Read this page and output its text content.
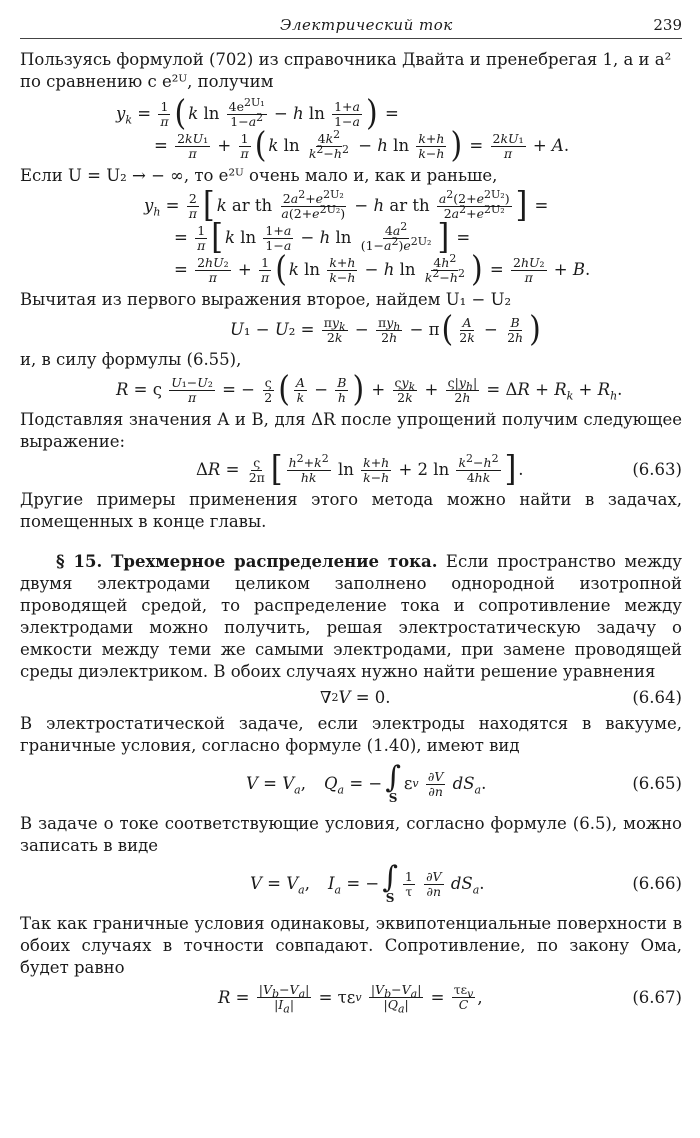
Электрический ток	239

Пользуясь формулой (702) из справочника Двайта и пренебрегая 1, a и a²

по сравнению с e²ᵁ, получим

$y_k = \frac{1}{\pi}$ ( k $\ln \frac{4e^{2U_1}}{1-a^2} - h$ $\ln \frac{1+a}{1-a}$ ) =
= $\frac{\text{2kU₁}}{\pi} + \frac{1}{\pi}$ ( k $\ln \frac{4k^2}{k^2-h^2} - h$ $\ln \frac{k+h}{k-h}$ ) = $\frac{\text{2kU₁}}{\pi} + A$ .

Если U = U₂ → − ∞, то e²ᵁ очень мало и, как и раньше,

$y_h = \frac{2}{\pi}$ [ k ar th $\frac{2a^2+e^{2U_2}}{a(2+e^{2U_2})} - h$ ar th $\frac{a^2(2+e^{2U_2})}{2a^2+e^{2U_2}}$ ] =
= $\frac{1}{\pi}$ [ k $\ln \frac{1+a}{1-a} - h$ $\ln \frac{4a^2}{(1-a^2)e^{2U_2}}$ ] =
= $\frac{\text{2hU₂}}{\pi} + \frac{1}{\pi}$ ( k $\ln \frac{k+h}{k-h} - h$ $\ln \frac{4h^2}{k^2-h^2}$ ) = $\frac{\text{2hU₂}}{\pi} + B$ .

Вычитая из первого выражения второе, найдем U₁ − U₂

U ₁ − U $_2 = \frac{\pi y_k}{2k} - \frac{\pi y_h}{2h} - \pi$ ( $\frac{A}{2k} - \frac{B}{2h}$ )

и, в силу формулы (6.55),

R = ς $\frac{\text{U₁−U₂}}{\pi}$ = − $\frac{\varsigma}{2}$ ( $\frac{A}{k} - \frac{B}{h}$ ) + $\frac{\varsigma y_k}{2k} + \frac{\varsigma|y_h|}{2h} = \Delta$ $R + R_k + R_h$ .

Подставляя значения A и B, для ΔR после упрощений получим следующее выражение:

Δ $R = \frac{\varsigma}{2\pi}$ [ $\frac{h^2+k^2}{hk}$ $\ln \frac{k+h}{k-h} + 2$ $\ln \frac{k^2-h^2}{4hk}$ ] .	(6.63)

Другие примеры применения этого метода можно найти в задачах, помещенных в конце главы.

§ 15. Трехмерное распределение тока. Если пространство между двумя электродами целиком заполнено однородной изотропной проводящей средой, то распределение тока и сопротивление между электродами можно получить, решая электростатическую задачу о емкости между теми же самыми электродами, при замене проводящей среды диэлектриком. В обоих случаях нужно найти решение уравнения

∇ 2 V = 0.	(6.64)

В электростатической задаче, если электроды находятся в вакууме, граничные условия, согласно формуле (1.40), имеют вид

$V = V_a$ , $Q_a$ = − ∫
S
ε v
$\frac{\partial V}{\partial n}$
$dS_a$ .	(6.65)

В задаче о токе соответствующие условия, согласно формуле (6.5), можно записать в виде

$V = V_a$ , $I_a$ = − ∫
S $\frac{1}{\tau}$
$\frac{\partial V}{\partial n}$
$dS_a$ .	(6.66)

Так как граничные условия одинаковы, эквипотенциальные поверхности в обоих случаях в точности совпадают. Сопротивление, по закону Ома, будет равно

$R = \frac{|V_b-V_a|}{|I_a|} = \tau\varepsilon$ v
$\frac{|V_b-V_a|}{|Q_a|} = \frac{\tau\varepsilon_v}{C}$ ,	(6.67)
